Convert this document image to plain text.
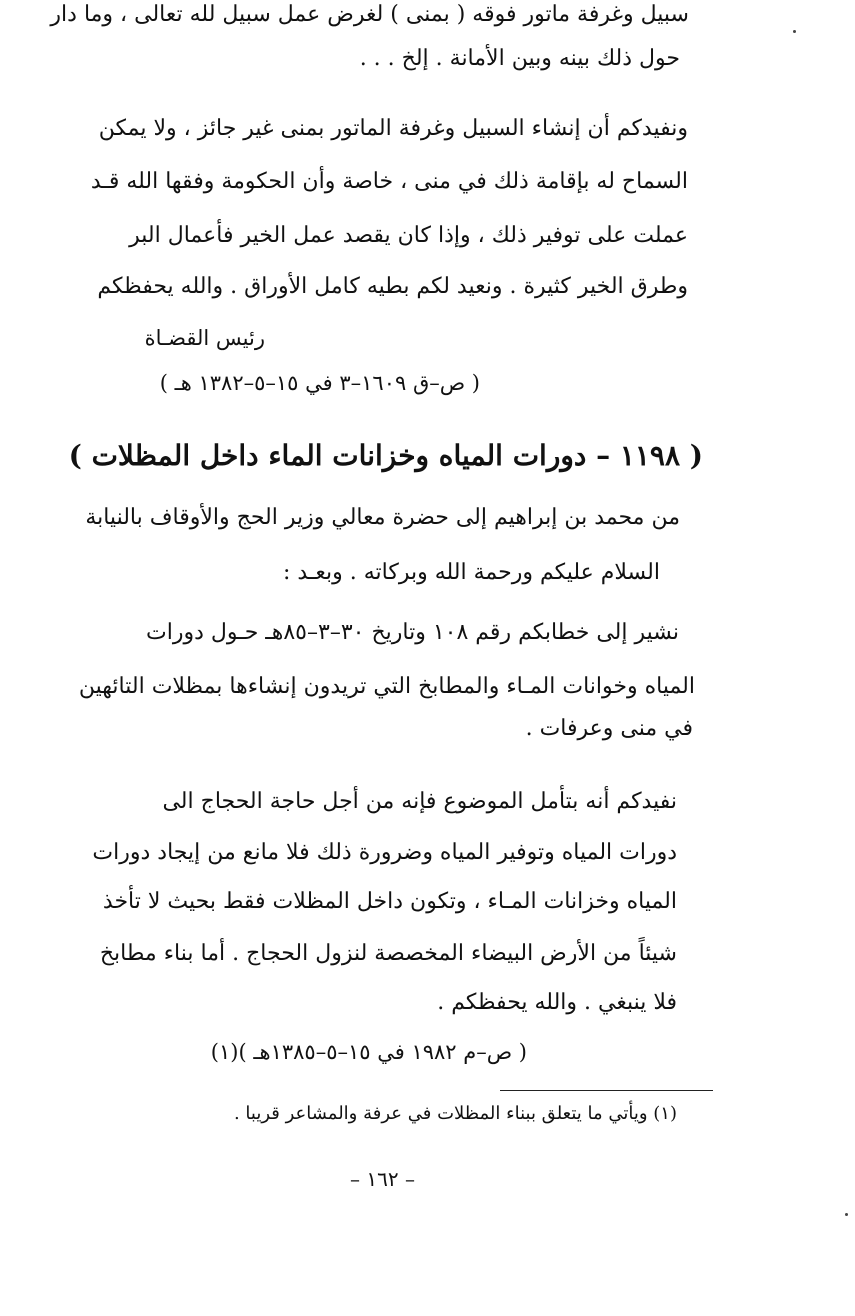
سبيل وغرفة ماتور فوقه ( بمنى ) لغرض عمل سبيل لله تعالى ، وما دار
حول ذلك بينه وبين الأمانة . إلخ . . .
ونفيدكم أن إنشاء السبيل وغرفة الماتور بمنى غير جائز ، ولا يمكن
السماح له بإقامة ذلك في منى ، خاصة وأن الحكومة وفقها الله قـد
عملت على توفير ذلك ، وإذا كان يقصد عمل الخير فأعمال البر
وطرق الخير كثيرة . ونعيد لكم بطيه كامل الأوراق . والله يحفظكم
رئيس القضـاة
( ص–ق ١٦٠٩–٣ في ١٥–٥–١٣٨٢ هـ )
( ١١٩٨ – دورات المياه وخزانات الماء داخل المظلات )
من محمد بن إبراهيم إلى حضرة معالي وزير الحج والأوقاف بالنيابة
السلام عليكم ورحمة الله وبركاته . وبعـد :
نشير إلى خطابكم رقم ١٠٨ وتاريخ ٣٠–٣–٨٥هـ حـول دورات
المياه وخوانات المـاء والمطابخ التي تريدون إنشاءها بمظلات التائهين
في منى وعرفات .
نفيدكم أنه بتأمل الموضوع فإنه من أجل حاجة الحجاج الى
دورات المياه وتوفير المياه وضرورة ذلك فلا مانع من إيجاد دورات
المياه وخزانات المـاء ، وتكون داخل المظلات فقط بحيث لا تأخذ
شيئاً من الأرض البيضاء المخصصة لنزول الحجاج . أما بناء مطابخ
فلا ينبغي . والله يحفظكم .
( ص–م ١٩٨٢ في ١٥–٥–١٣٨٥هـ )(١)
(١) ويأتي ما يتعلق ببناء المظلات في عرفة والمشاعر قريبا .
– ١٦٢ –
